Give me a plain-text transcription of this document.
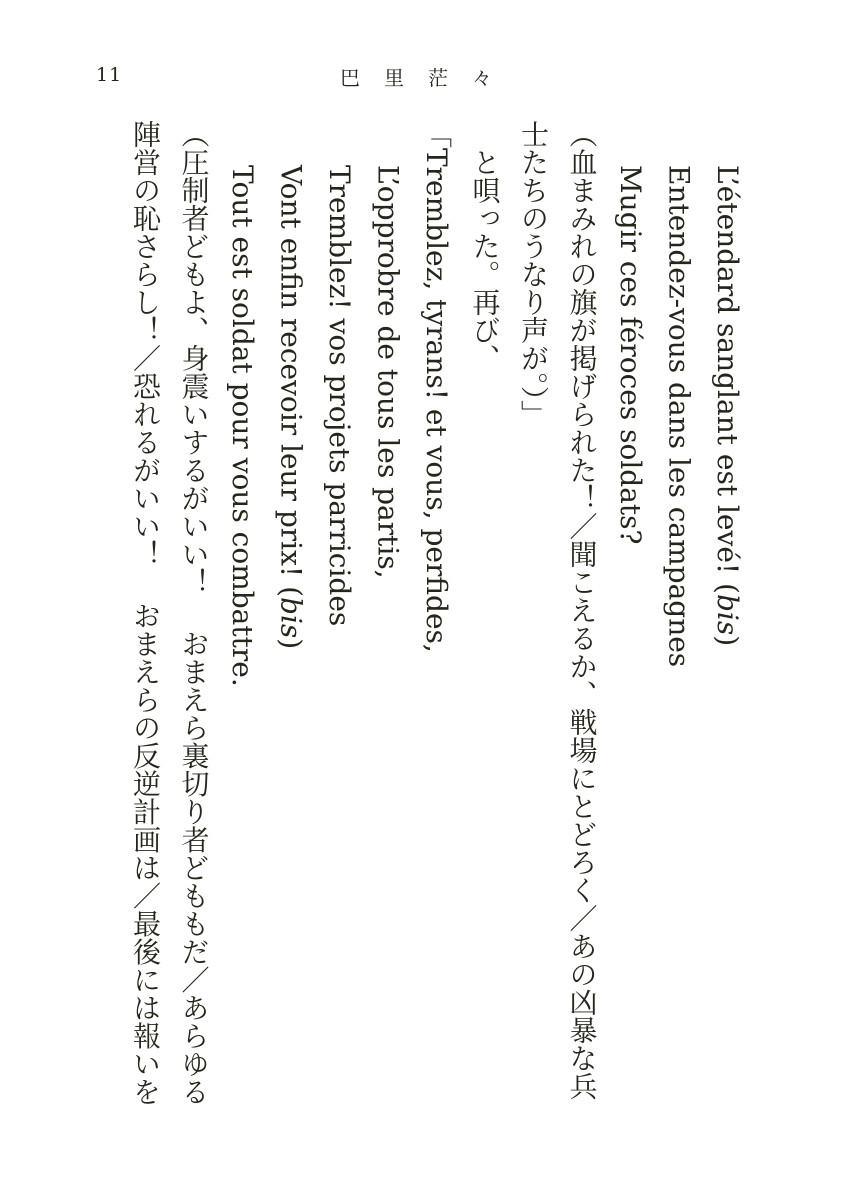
11	巴里茫々
L’étendard sanglant est levé! (bis)
Entendez-vous dans les campagnes
Mugir ces féroces soldats?
（血まみれの旗が掲げられた！／聞こえるか、戦場にとどろく／あの凶暴な兵
士たちのうなり声が。）」
と唄った。再び、
「Tremblez, tyrans! et vous, perfides,
L’opprobre de tous les partis,
Tremblez! vos projets parricides
Vont enfin recevoir leur prix! (bis)
Tout est soldat pour vous combattre.
（圧制者どもよ、身震いするがいい！おまえら裏切り者どももだ／あらゆる
陣営の恥さらし！／恐れるがいい！おまえらの反逆計画は／最後には報いを
